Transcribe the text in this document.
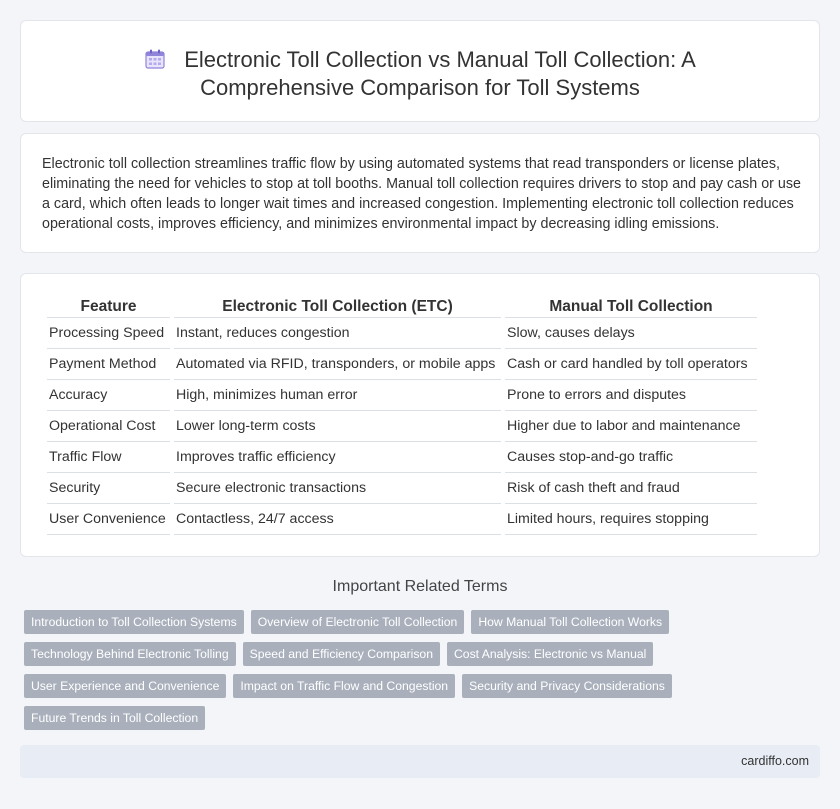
Electronic Toll Collection vs Manual Toll Collection: A
Comprehensive Comparison for Toll Systems

Electronic toll collection streamlines traffic flow by using automated systems that read transponders or license plates, eliminating the need for vehicles to stop at toll booths. Manual toll collection requires drivers to stop and pay cash or use a card, which often leads to longer wait times and increased congestion. Implementing electronic toll collection reduces operational costs, improves efficiency, and minimizes environmental impact by decreasing idling emissions.

Feature	Electronic Toll Collection (ETC)	Manual Toll Collection
Processing Speed	Instant, reduces congestion	Slow, causes delays
Payment Method	Automated via RFID, transponders, or mobile apps	Cash or card handled by toll operators
Accuracy	High, minimizes human error	Prone to errors and disputes
Operational Cost	Lower long-term costs	Higher due to labor and maintenance
Traffic Flow	Improves traffic efficiency	Causes stop-and-go traffic
Security	Secure electronic transactions	Risk of cash theft and fraud
User Convenience	Contactless, 24/7 access	Limited hours, requires stopping
Important Related Terms
Introduction to Toll Collection Systems	Overview of Electronic Toll Collection	How Manual Toll Collection Works
Technology Behind Electronic Tolling	Speed and Efficiency Comparison	Cost Analysis: Electronic vs Manual
User Experience and Convenience	Impact on Traffic Flow and Congestion	Security and Privacy Considerations
Future Trends in Toll Collection
cardiffo.com
